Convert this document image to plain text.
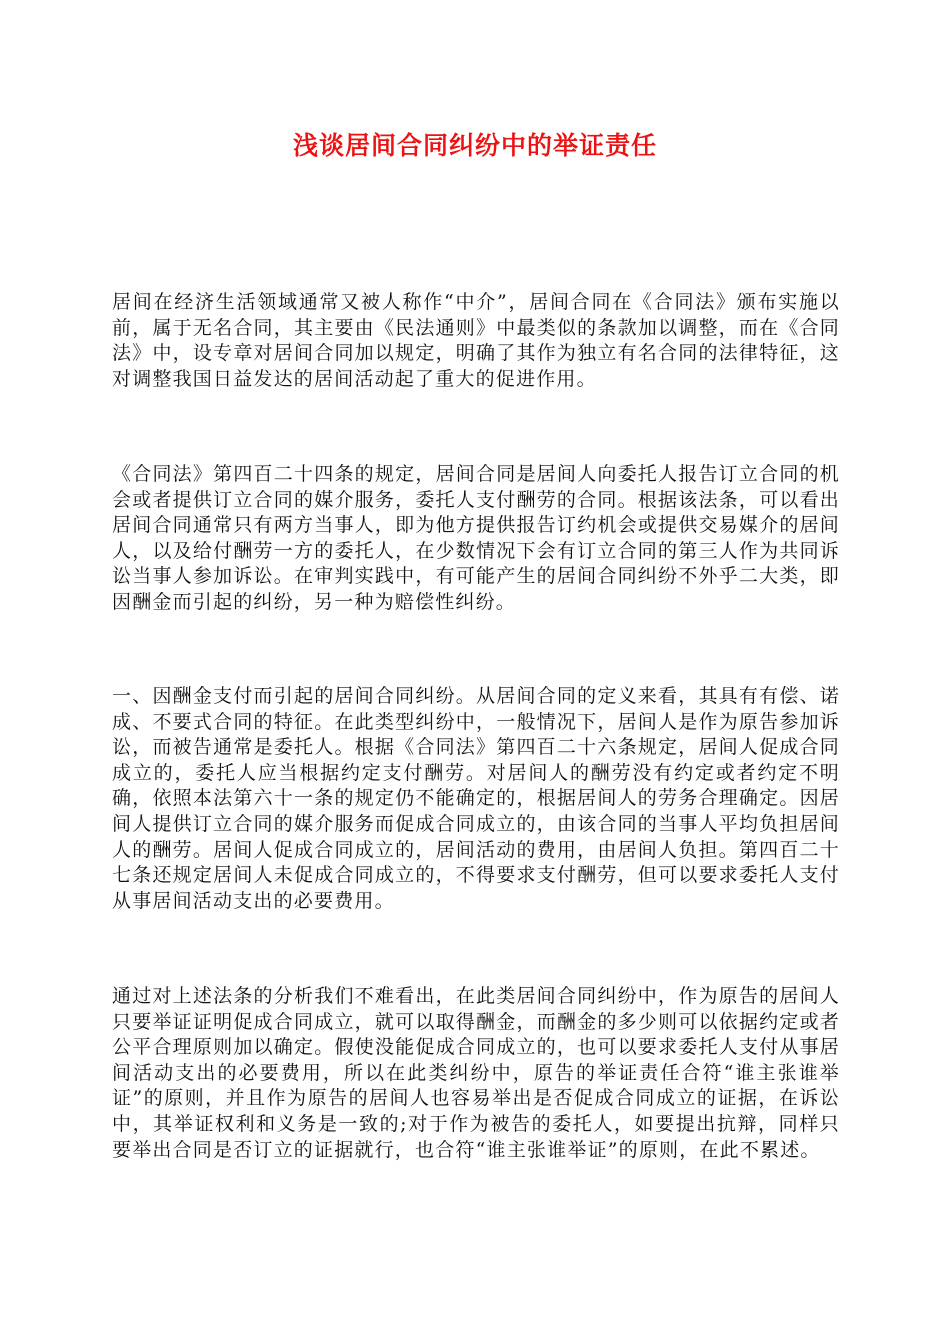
浅谈居间合同纠纷中的举证责任

居间在经济生活领域通常又被人称作“中介”，居间合同在《合同法》颁布实施以前，属于无名合同，其主要由《民法通则》中最类似的条款加以调整，而在《合同法》中，设专章对居间合同加以规定，明确了其作为独立有名合同的法律特征，这对调整我国日益发达的居间活动起了重大的促进作用。

《合同法》第四百二十四条的规定，居间合同是居间人向委托人报告订立合同的机会或者提供订立合同的媒介服务，委托人支付酬劳的合同。根据该法条，可以看出居间合同通常只有两方当事人，即为他方提供报告订约机会或提供交易媒介的居间人，以及给付酬劳一方的委托人，在少数情况下会有订立合同的第三人作为共同诉讼当事人参加诉讼。在审判实践中，有可能产生的居间合同纠纷不外乎二大类，即因酬金而引起的纠纷，另一种为赔偿性纠纷。

一、因酬金支付而引起的居间合同纠纷。从居间合同的定义来看，其具有有偿、诺成、不要式合同的特征。在此类型纠纷中，一般情况下，居间人是作为原告参加诉讼，而被告通常是委托人。根据《合同法》第四百二十六条规定，居间人促成合同成立的，委托人应当根据约定支付酬劳。对居间人的酬劳没有约定或者约定不明确，依照本法第六十一条的规定仍不能确定的，根据居间人的劳务合理确定。因居间人提供订立合同的媒介服务而促成合同成立的，由该合同的当事人平均负担居间人的酬劳。居间人促成合同成立的，居间活动的费用，由居间人负担。第四百二十七条还规定居间人未促成合同成立的，不得要求支付酬劳，但可以要求委托人支付从事居间活动支出的必要费用。

通过对上述法条的分析我们不难看出，在此类居间合同纠纷中，作为原告的居间人只要举证证明促成合同成立，就可以取得酬金，而酬金的多少则可以依据约定或者公平合理原则加以确定。假使没能促成合同成立的，也可以要求委托人支付从事居间活动支出的必要费用，所以在此类纠纷中，原告的举证责任合符“谁主张谁举证”的原则，并且作为原告的居间人也容易举出是否促成合同成立的证据，在诉讼中，其举证权利和义务是一致的;对于作为被告的委托人，如要提出抗辩，同样只要举出合同是否订立的证据就行，也合符“谁主张谁举证”的原则，在此不累述。
